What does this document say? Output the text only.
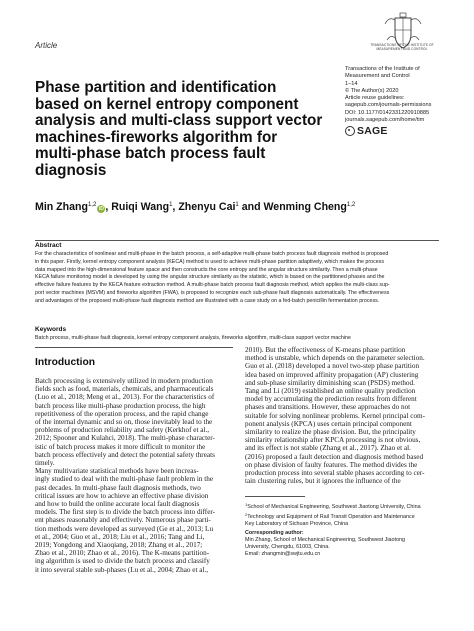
Article	TRANSACTIONS OF THE INSTITUTE OF MEASUREMENT AND CONTROL
Transactions of the Institute of
Measurement and Control
1–14
© The Author(s) 2020
Article reuse guidelines:
sagepub.com/journals-permissions
DOI: 10.1177/0142331220910885
journals.sagepub.com/home/tim
SAGE
Phase partition and identification
based on kernel entropy component
analysis and multi-class support vector
machines-fireworks algorithm for
multi-phase batch process fault
diagnosis
Min Zhang$^{1,2}$iD , Ruiqi Wang$^1$, Zhenyu Cai$^1$ and Wenming Cheng$^{1,2}$
Abstract
For the characteristics of nonlinear and multi-phase in the batch process, a self-adaptive multi-phase batch process fault diagnosis method is proposed
in this paper. Firstly, kernel entropy component analysis (KECA) method is used to achieve multi-phase partition adaptively, which makes the process
data mapped into the high-dimensional feature space and then constructs the core entropy and the angular structure similarity. Then a multi-phase
KECA failure monitoring model is developed by using the angular structure similarity as the statistic, which is based on the partitioned phases and the
effective failure features by the KECA feature extraction method. A multi-phase batch process fault diagnosis method, which applies the multi-class sup-
port vector machines (MSVM) and fireworks algorithm (FWA), is proposed to recognize each sub-phase fault diagnosis automatically. The effectiveness
and advantages of the proposed multi-phase fault diagnosis method are illustrated with a case study on a fed-batch penicillin fermentation process.
Keywords
Batch process, multi-phase fault diagnosis, kernel entropy component analysis, fireworks algorithm, multi-class support vector machine
Introduction
Batch processing is extensively utilized in modern production
fields such as food, materials, chemicals, and pharmaceuticals
(Luo et al., 2018; Meng et al., 2013). For the characteristics of
batch process like multi-phase production process, the high
repetitiveness of the operation process, and the rapid change
of the internal dynamic and so on, those inevitably lead to the
problems of production reliability and safety (Kerkhof et al.,
2012; Spooner and Kulahci, 2018). The multi-phase character-
istic of batch process makes it more difficult to monitor the
batch process effectively and detect the potential safety threats
timely.
Many multivariate statistical methods have been increas-
ingly studied to deal with the multi-phase fault problem in the
past decades. In multi-phase fault diagnosis methods, two
critical issues are how to achieve an effective phase division
and how to build the online accurate local fault diagnosis
models. The first step is to divide the batch process into differ-
ent phases reasonably and effectively. Numerous phase parti-
tion methods were developed as surveyed (Ge et al., 2013; Lu
et al., 2004; Guo et al., 2018; Liu et al., 2016; Tang and Li,
2019; Yongdong and Xiaoqiang, 2018; Zhang et al., 2017;
Zhao et al., 2010; Zhao et al., 2016). The K-means partition-
ing algorithm is used to divide the batch process and classify
it into several stable sub-phases (Lu et al., 2004; Zhao et al.,
2010). But the effectiveness of K-means phase partition
method is unstable, which depends on the parameter selection.
Guo et al. (2018) developed a novel two-step phase partition
idea based on improved affinity propagation (AP) clustering
and sub-phase similarity diminishing scan (PSDS) method.
Tang and Li (2019) established an online quality prediction
model by accumulating the prediction results from different
phases and transitions. However, these approaches do not
suitable for solving nonlinear problems. Kernel principal com-
ponent analysis (KPCA) uses certain principal component
similarity to realize the phase division. But, the principality
similarity relationship after KPCA processing is not obvious,
and its effect is not stable (Zhang et al., 2017). Zhao et al.
(2016) proposed a fault detection and diagnosis method based
on phase division of faulty features. The method divides the
production process into several stable phases according to cer-
tain clustering rules, but it ignores the influence of the
$^1$School of Mechanical Engineering, Southwest Jiaotong University, China
$^2$Technology and Equipment of Rail Transit Operation and Maintenance
Key Laboratory of Sichuan Province, China
Corresponding author:
Min Zhang, School of Mechanical Engineering, Southwest Jiaotong
University, Chengdu, 61003, China.
Email: zhangmin@swjtu.edu.cn
